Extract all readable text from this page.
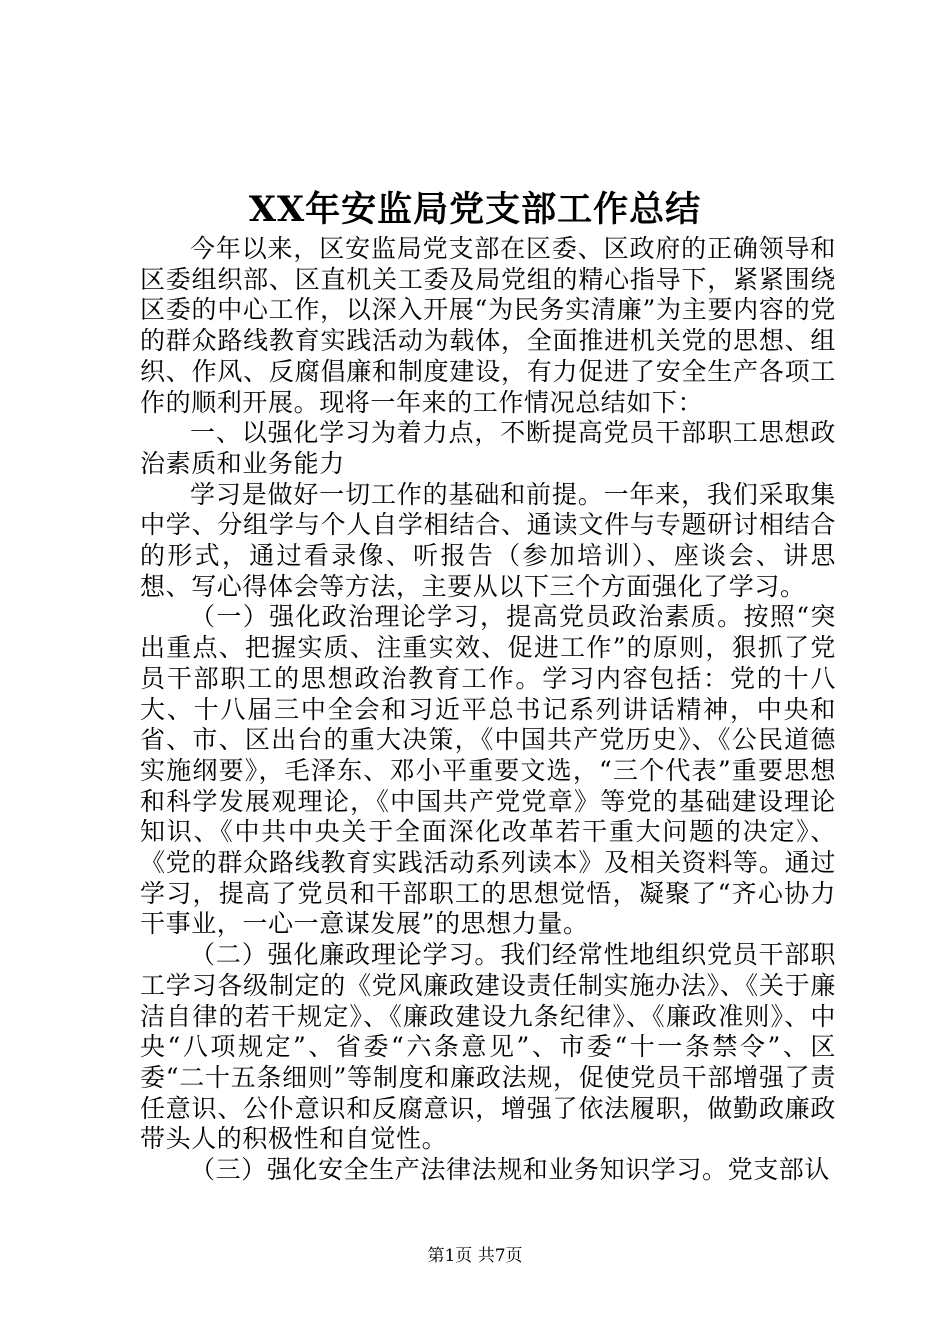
XX年安监局党支部工作总结

今年以来，区安监局党支部在区委、区政府的正确领导和区委组织部、区直机关工委及局党组的精心指导下，紧紧围绕区委的中心工作，以深入开展“为民务实清廉”为主要内容的党的群众路线教育实践活动为载体，全面推进机关党的思想、组织、作风、反腐倡廉和制度建设，有力促进了安全生产各项工作的顺利开展。现将一年来的工作情况总结如下：

一、以强化学习为着力点，不断提高党员干部职工思想政治素质和业务能力

学习是做好一切工作的基础和前提。一年来，我们采取集中学、分组学与个人自学相结合、通读文件与专题研讨相结合的形式，通过看录像、听报告（参加培训）、座谈会、讲思想、写心得体会等方法，主要从以下三个方面强化了学习。

（一）强化政治理论学习，提高党员政治素质。按照“突出重点、把握实质、注重实效、促进工作”的原则，狠抓了党员干部职工的思想政治教育工作。学习内容包括：党的十八大、十八届三中全会和习近平总书记系列讲话精神，中央和省、市、区出台的重大决策，《中国共产党历史》、《公民道德实施纲要》，毛泽东、邓小平重要文选，“三个代表”重要思想和科学发展观理论，《中国共产党党章》等党的基础建设理论知识、《中共中央关于全面深化改革若干重大问题的决定》、《党的群众路线教育实践活动系列读本》及相关资料等。通过学习，提高了党员和干部职工的思想觉悟，凝聚了“齐心协力干事业，一心一意谋发展”的思想力量。

（二）强化廉政理论学习。我们经常性地组织党员干部职工学习各级制定的《党风廉政建设责任制实施办法》、《关于廉洁自律的若干规定》、《廉政建设九条纪律》、《廉政准则》、中央“八项规定”、省委“六条意见”、市委“十一条禁令”、区委“二十五条细则”等制度和廉政法规，促使党员干部增强了责任意识、公仆意识和反腐意识，增强了依法履职，做勤政廉政带头人的积极性和自觉性。

（三）强化安全生产法律法规和业务知识学习。党支部认

第1页 共7页
